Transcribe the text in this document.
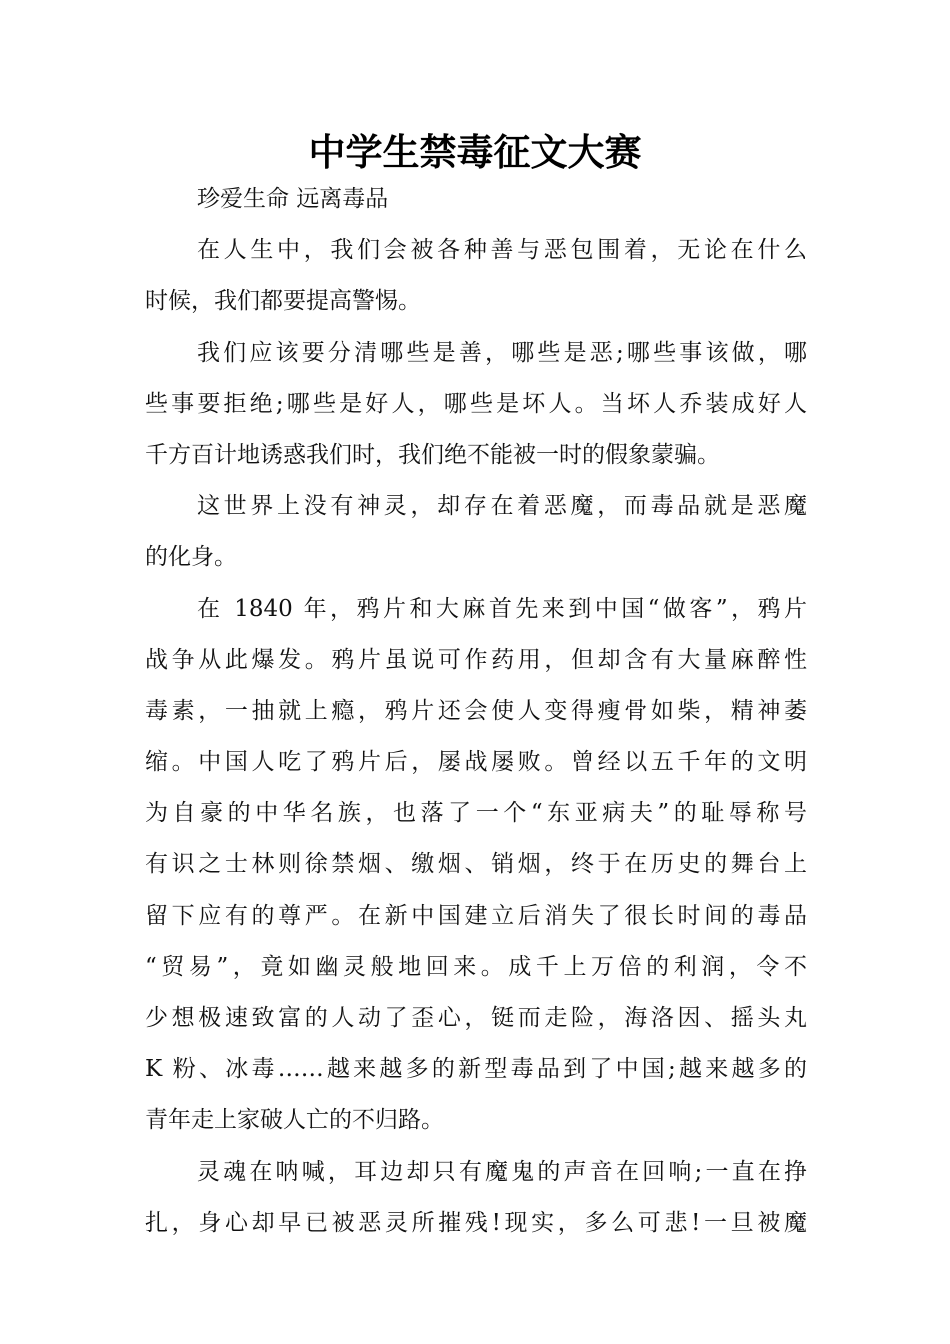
中学生禁毒征文大赛
珍爱生命 远离毒品
在人生中，我们会被各种善与恶包围着，无论在什么
时候，我们都要提高警惕。
我们应该要分清哪些是善，哪些是恶;哪些事该做，哪
些事要拒绝;哪些是好人，哪些是坏人。当坏人乔装成好人
千方百计地诱惑我们时，我们绝不能被一时的假象蒙骗。
这世界上没有神灵，却存在着恶魔，而毒品就是恶魔
的化身。
在 1840 年，鸦片和大麻首先来到中国“做客”，鸦片
战争从此爆发。鸦片虽说可作药用，但却含有大量麻醉性
毒素，一抽就上瘾，鸦片还会使人变得瘦骨如柴，精神萎
缩。中国人吃了鸦片后，屡战屡败。曾经以五千年的文明
为自豪的中华名族，也落了一个“东亚病夫”的耻辱称号
有识之士林则徐禁烟、缴烟、销烟，终于在历史的舞台上
留下应有的尊严。在新中国建立后消失了很长时间的毒品
“贸易”，竟如幽灵般地回来。成千上万倍的利润，令不
少想极速致富的人动了歪心，铤而走险，海洛因、摇头丸
K 粉、冰毒……越来越多的新型毒品到了中国;越来越多的
青年走上家破人亡的不归路。
灵魂在呐喊，耳边却只有魔鬼的声音在回响;一直在挣
扎，身心却早已被恶灵所摧残!现实，多么可悲!一旦被魔
